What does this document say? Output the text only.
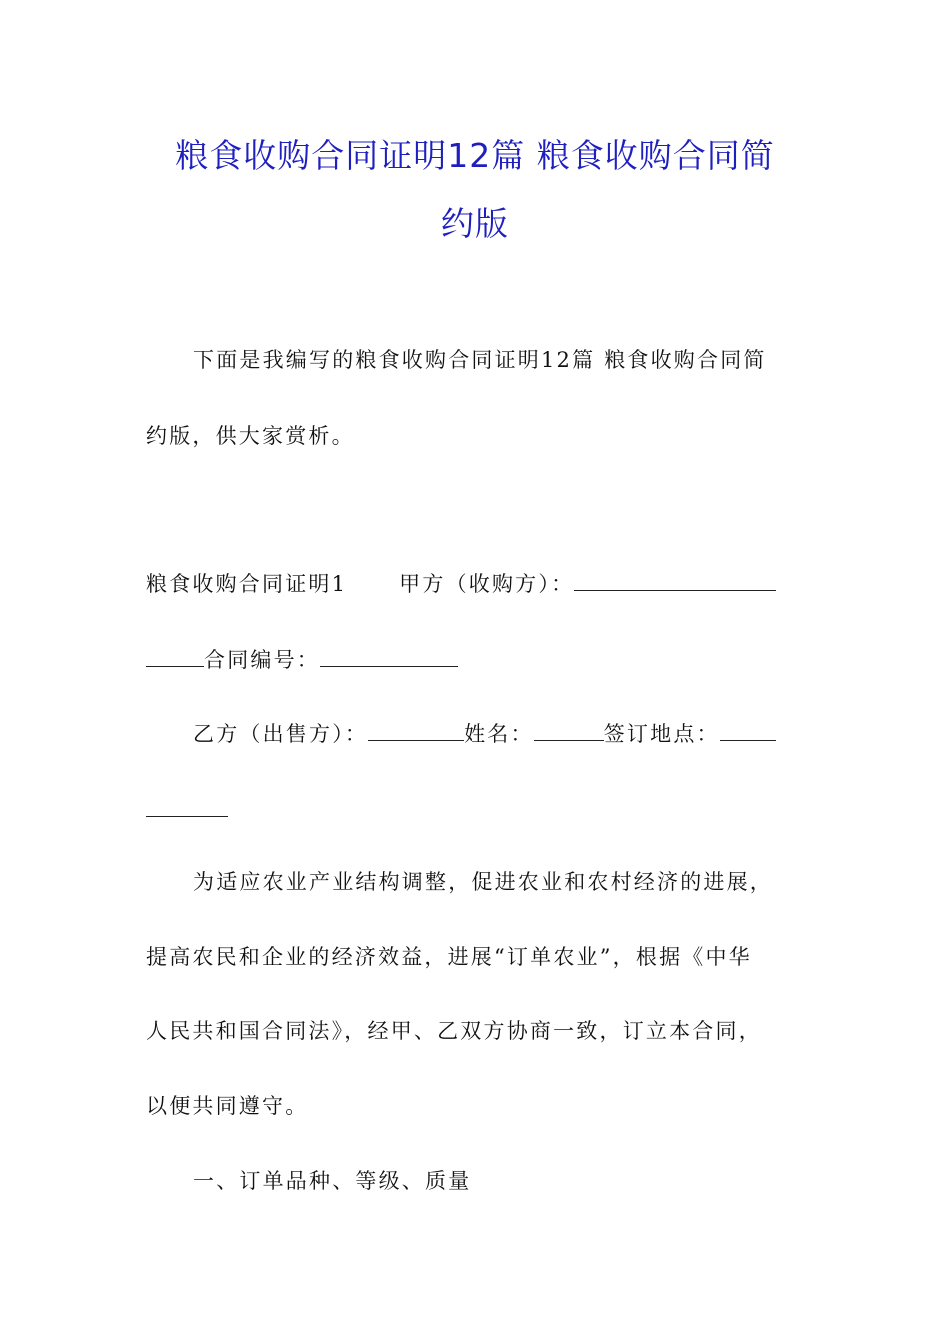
粮食收购合同证明12篇 粮食收购合同简
约版
下面是我编写的粮食收购合同证明12篇 粮食收购合同简
约版，供大家赏析。
粮食收购合同证明1 甲方（收购方）：
合同编号：
乙方（出售方）：	姓名：	签订地点：
为适应农业产业结构调整，促进农业和农村经济的进展，
提高农民和企业的经济效益，进展“订单农业”，根据《中华
人民共和国合同法》，经甲、乙双方协商一致，订立本合同，
以便共同遵守。
一、订单品种、等级、质量
